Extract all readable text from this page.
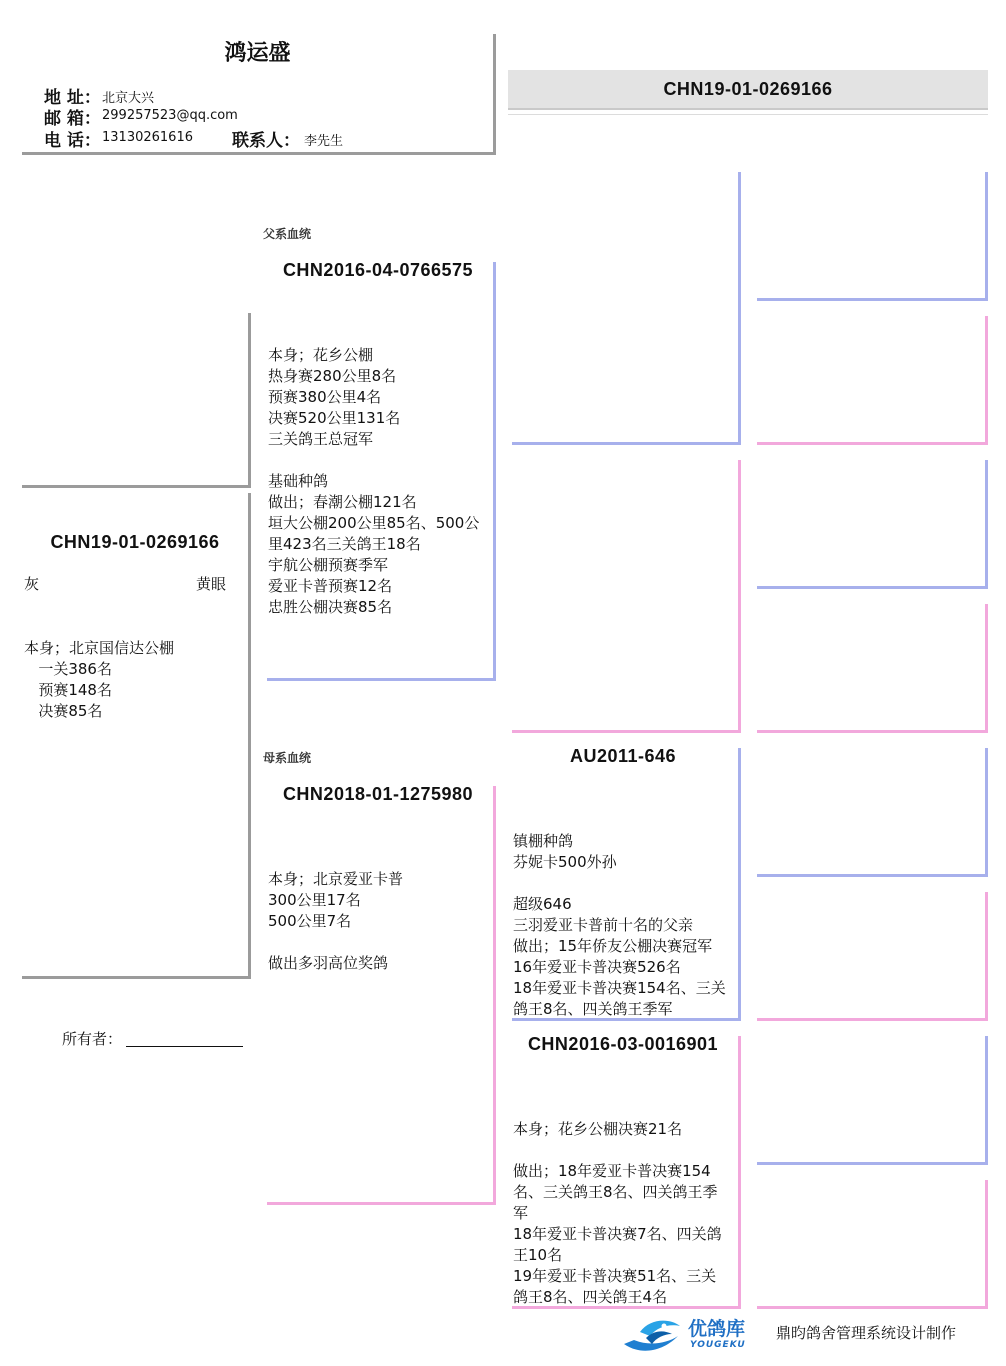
鸿运盛
地 址： 北京大兴
邮 箱： 299257523@qq.com
电 话： 13130261616 联系人： 李先生
CHN19-01-0269166
CHN19-01-0269166
灰	黄眼
本身；北京国信达公棚
一关386名
预赛148名
决赛85名
所有者：
父系血统
CHN2016-04-0766575
本身；花乡公棚
热身赛280公里8名
预赛380公里4名
决赛520公里131名
三关鸽王总冠军

基础种鸽
做出；春潮公棚121名
垣大公棚200公里85名、500公
里423名三关鸽王18名
宇航公棚预赛季军
爱亚卡普预赛12名
忠胜公棚决赛85名
母系血统
CHN2018-01-1275980
本身；北京爱亚卡普
300公里17名
500公里7名

做出多羽高位奖鸽
AU2011-646
镇棚种鸽
芬妮卡500外孙

超级646
三羽爱亚卡普前十名的父亲
做出；15年侨友公棚决赛冠军
16年爱亚卡普决赛526名
18年爱亚卡普决赛154名、三关
鸽王8名、四关鸽王季军
CHN2016-03-0016901
本身；花乡公棚决赛21名

做出；18年爱亚卡普决赛154
名、三关鸽王8名、四关鸽王季
军
18年爱亚卡普决赛7名、四关鸽
王10名
19年爱亚卡普决赛51名、三关
鸽王8名、四关鸽王4名
优鸽库
YOUGEKU
鼎昀鸽舍管理系统设计制作
